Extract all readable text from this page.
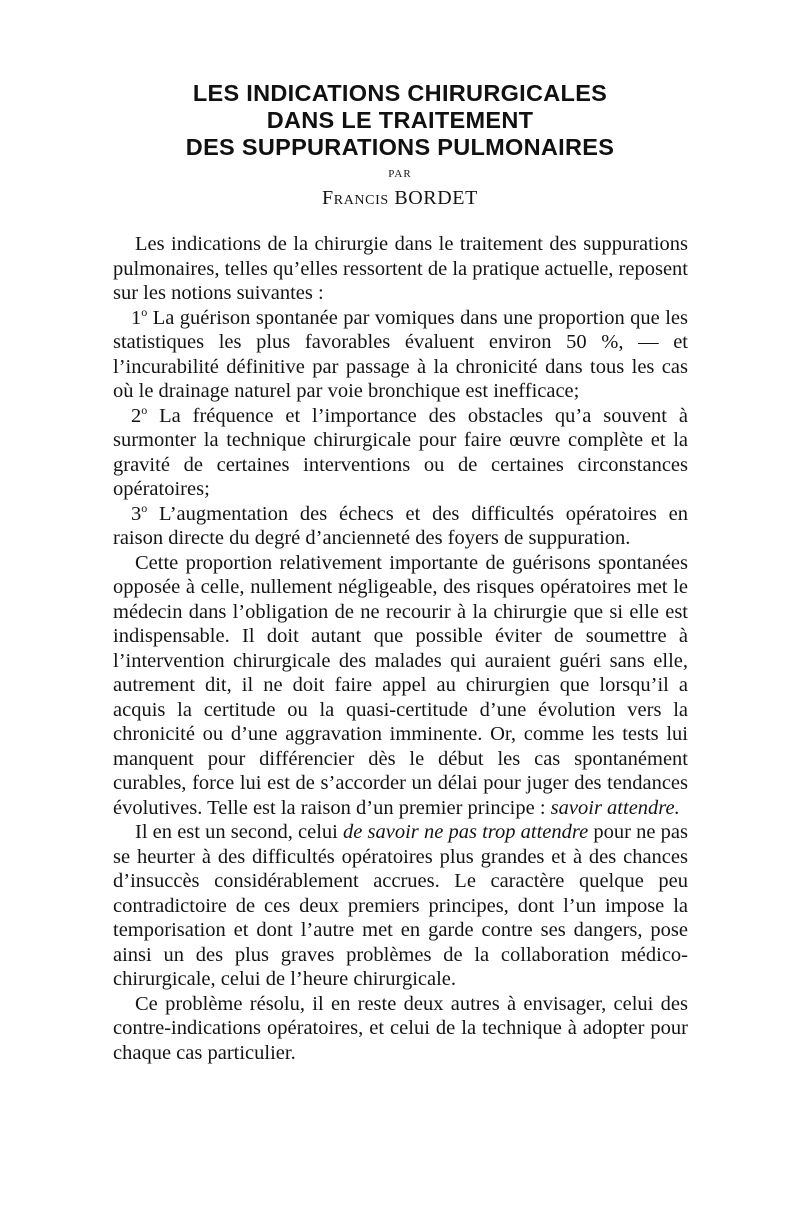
LES INDICATIONS CHIRURGICALES
DANS LE TRAITEMENT
DES SUPPURATIONS PULMONAIRES
PAR
Francis BORDET

Les indications de la chirurgie dans le traitement des suppurations pulmonaires, telles qu’elles ressortent de la pratique actuelle, reposent sur les notions suivantes :

1$^o$ La guérison spontanée par vomiques dans une proportion que les statistiques les plus favorables évaluent environ 50 %, — et l’incurabilité définitive par passage à la chronicité dans tous les cas où le drainage naturel par voie bronchique est inefficace;

2$^o$ La fréquence et l’importance des obstacles qu’a souvent à surmonter la technique chirurgicale pour faire œuvre complète et la gravité de certaines interventions ou de certaines circonstances opératoires;

3$^o$ L’augmentation des échecs et des difficultés opératoires en raison directe du degré d’ancienneté des foyers de suppuration.

Cette proportion relativement importante de guérisons spontanées opposée à celle, nullement négligeable, des risques opératoires met le médecin dans l’obligation de ne recourir à la chirurgie que si elle est indispensable. Il doit autant que possible éviter de soumettre à l’intervention chirurgicale des malades qui auraient guéri sans elle, autrement dit, il ne doit faire appel au chirurgien que lorsqu’il a acquis la certitude ou la quasi-certitude d’une évolution vers la chronicité ou d’une aggravation imminente. Or, comme les tests lui manquent pour différencier dès le début les cas spontanément curables, force lui est de s’accorder un délai pour juger des tendances évolutives. Telle est la raison d’un premier principe : savoir attendre.

Il en est un second, celui de savoir ne pas trop attendre pour ne pas se heurter à des difficultés opératoires plus grandes et à des chances d’insuccès considérablement accrues. Le caractère quelque peu contradictoire de ces deux premiers principes, dont l’un impose la temporisation et dont l’autre met en garde contre ses dangers, pose ainsi un des plus graves problèmes de la collaboration médico-chirurgicale, celui de l’heure chirurgicale.

Ce problème résolu, il en reste deux autres à envisager, celui des contre-indications opératoires, et celui de la technique à adopter pour chaque cas particulier.
